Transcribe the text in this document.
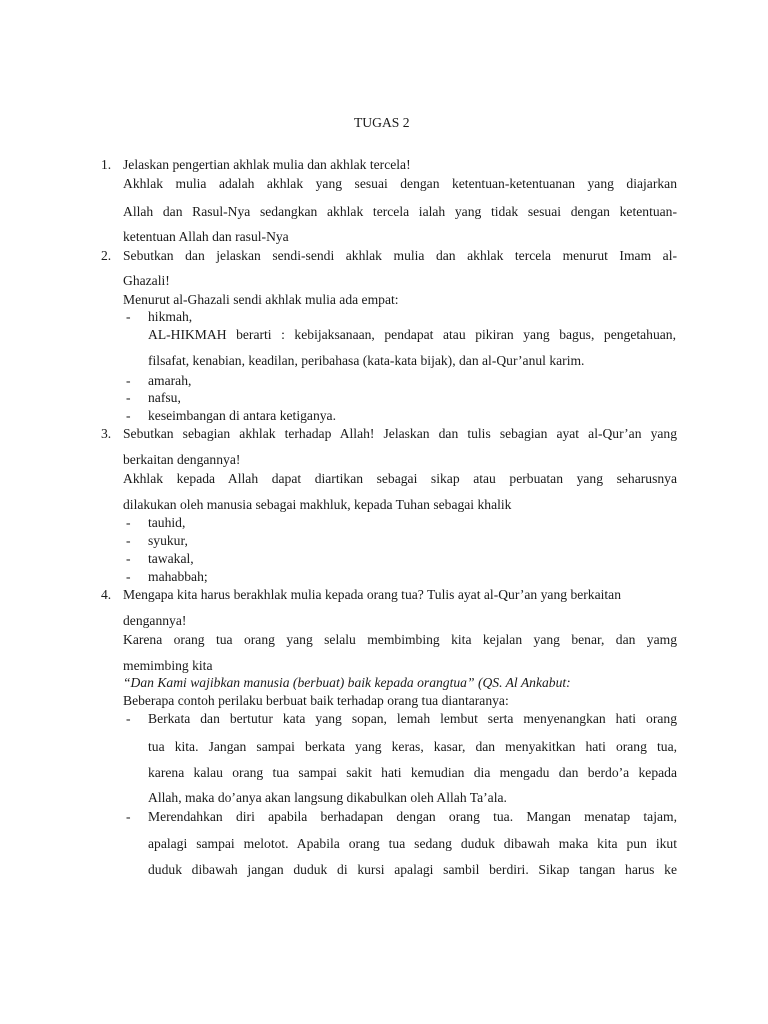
TUGAS 2
1. Jelaskan pengertian akhlak mulia dan akhlak tercela!
Akhlak mulia adalah akhlak yang sesuai dengan ketentuan-ketentuanan yang diajarkan
Allah dan Rasul-Nya sedangkan akhlak tercela ialah yang tidak sesuai dengan ketentuan-
ketentuan Allah dan rasul-Nya
2. Sebutkan dan jelaskan sendi-sendi akhlak mulia dan akhlak tercela menurut Imam al-
Ghazali!
Menurut al-Ghazali sendi akhlak mulia ada empat:
- hikmah,
AL-HIKMAH berarti : kebijaksanaan, pendapat atau pikiran yang bagus, pengetahuan,
filsafat, kenabian, keadilan, peribahasa (kata-kata bijak), dan al-Qur’anul karim.
- amarah,
- nafsu,
- keseimbangan di antara ketiganya.
3. Sebutkan sebagian akhlak terhadap Allah! Jelaskan dan tulis sebagian ayat al-Qur’an yang
berkaitan dengannya!
Akhlak kepada Allah dapat diartikan sebagai sikap atau perbuatan yang seharusnya
dilakukan oleh manusia sebagai makhluk, kepada Tuhan sebagai khalik
- tauhid,
- syukur,
- tawakal,
- mahabbah;
4. Mengapa kita harus berakhlak mulia kepada orang tua? Tulis ayat al-Qur’an yang berkaitan
dengannya!
Karena orang tua orang yang selalu membimbing kita kejalan yang benar, dan yamg
memimbing kita
“Dan Kami wajibkan manusia (berbuat) baik kepada orangtua” (QS. Al Ankabut:
Beberapa contoh perilaku berbuat baik terhadap orang tua diantaranya:
- Berkata dan bertutur kata yang sopan, lemah lembut serta menyenangkan hati orang
tua kita. Jangan sampai berkata yang keras, kasar, dan menyakitkan hati orang tua,
karena kalau orang tua sampai sakit hati kemudian dia mengadu dan berdo’a kepada
Allah, maka do’anya akan langsung dikabulkan oleh Allah Ta’ala.
- Merendahkan diri apabila berhadapan dengan orang tua. Mangan menatap tajam,
apalagi sampai melotot. Apabila orang tua sedang duduk dibawah maka kita pun ikut
duduk dibawah jangan duduk di kursi apalagi sambil berdiri. Sikap tangan harus ke
